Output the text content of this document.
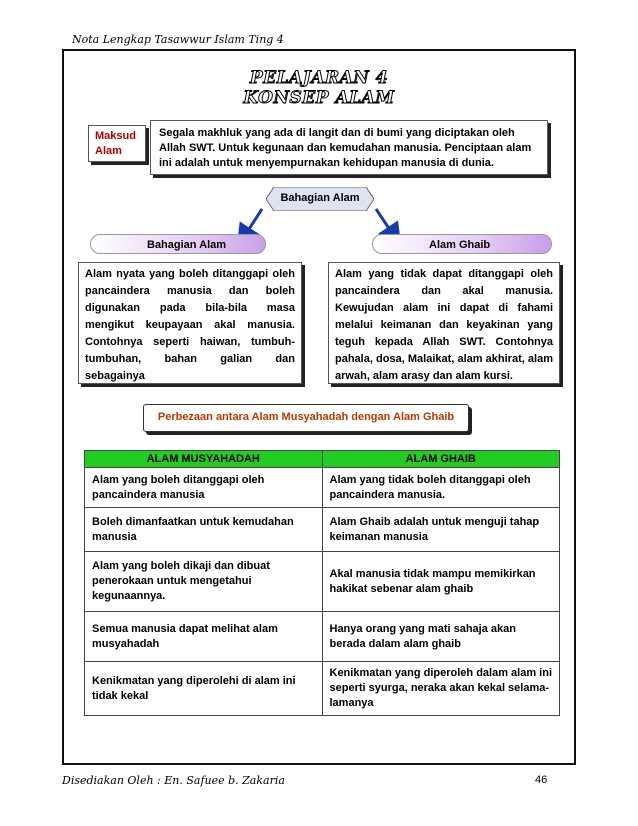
Nota Lengkap Tasawwur Islam Ting 4
PELAJARAN 4
KONSEP ALAM
Maksud Alam
Segala makhluk yang ada di langit dan di bumi yang diciptakan oleh Allah SWT. Untuk kegunaan dan kemudahan manusia. Penciptaan alam ini adalah untuk menyempurnakan kehidupan manusia di dunia.
Bahagian Alam
Bahagian Alam	Alam Ghaib
Alam nyata yang boleh ditanggapi oleh pancaindera manusia dan boleh digunakan pada bila-bila masa mengikut keupayaan akal manusia. Contohnya seperti haiwan, tumbuh-tumbuhan, bahan galian dan sebagainya
Alam yang tidak dapat ditanggapi oleh pancaindera dan akal manusia. Kewujudan alam ini dapat di fahami melalui keimanan dan keyakinan yang teguh kepada Allah SWT. Contohnya pahala, dosa, Malaikat, alam akhirat, alam arwah, alam arasy dan alam kursi.
Perbezaan antara Alam Musyahadah dengan Alam Ghaib
ALAM MUSYAHADAH	ALAM GHAIB
Alam yang boleh ditanggapi oleh pancaindera manusia	Alam yang tidak boleh ditanggapi oleh pancaindera manusia.
Boleh dimanfaatkan untuk kemudahan manusia	Alam Ghaib adalah untuk menguji tahap keimanan manusia
Alam yang boleh dikaji dan dibuat penerokaan untuk mengetahui kegunaannya.	Akal manusia tidak mampu memikirkan hakikat sebenar alam ghaib
Semua manusia dapat melihat alam musyahadah	Hanya orang yang mati sahaja akan berada dalam alam ghaib
Kenikmatan yang diperolehi di alam ini tidak kekal	Kenikmatan yang diperoleh dalam alam ini seperti syurga, neraka akan kekal selama-lamanya
Disediakan Oleh : En. Safuee b. Zakaria	46
